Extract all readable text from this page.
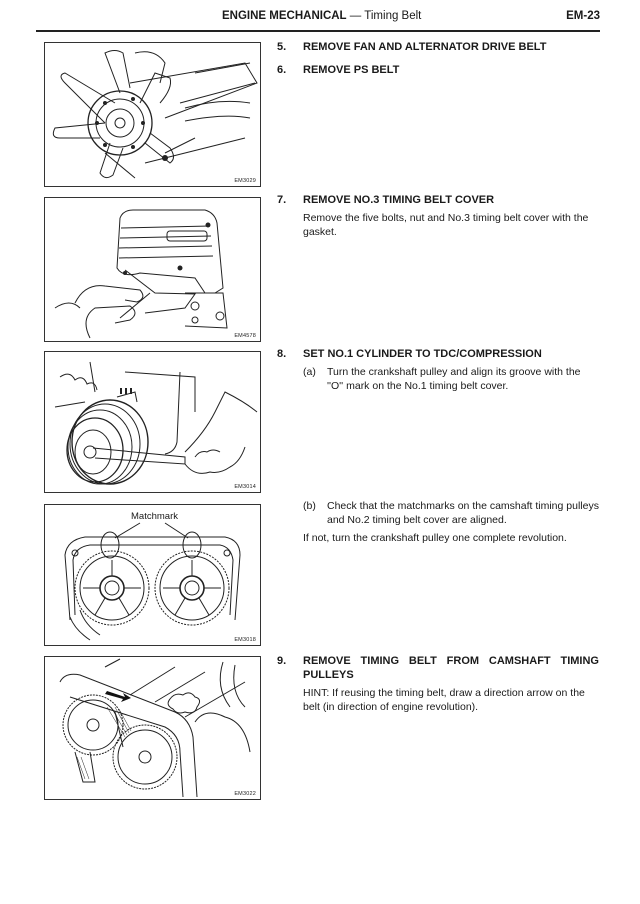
ENGINE MECHANICAL — Timing Belt	EM-23
EM3029
EM4578
EM3014
Matchmark
EM3018
EM3022
5.	REMOVE FAN AND ALTERNATOR DRIVE BELT
6.	REMOVE PS BELT
7.	REMOVE NO.3 TIMING BELT COVER
Remove the five bolts, nut and No.3 timing belt cover with the gasket.
8.	SET NO.1 CYLINDER TO TDC/COMPRESSION
(a)	Turn the crankshaft pulley and align its groove with the ''O'' mark on the No.1 timing belt cover.
(b)	Check that the matchmarks on the camshaft timing pulleys and No.2 timing belt cover are aligned.
If not, turn the crankshaft pulley one complete revolution.
9.	REMOVE TIMING BELT FROM CAMSHAFT TIMING
PULLEYS
HINT: If reusing the timing belt, draw a direction arrow on the belt (in direction of engine revolution).
